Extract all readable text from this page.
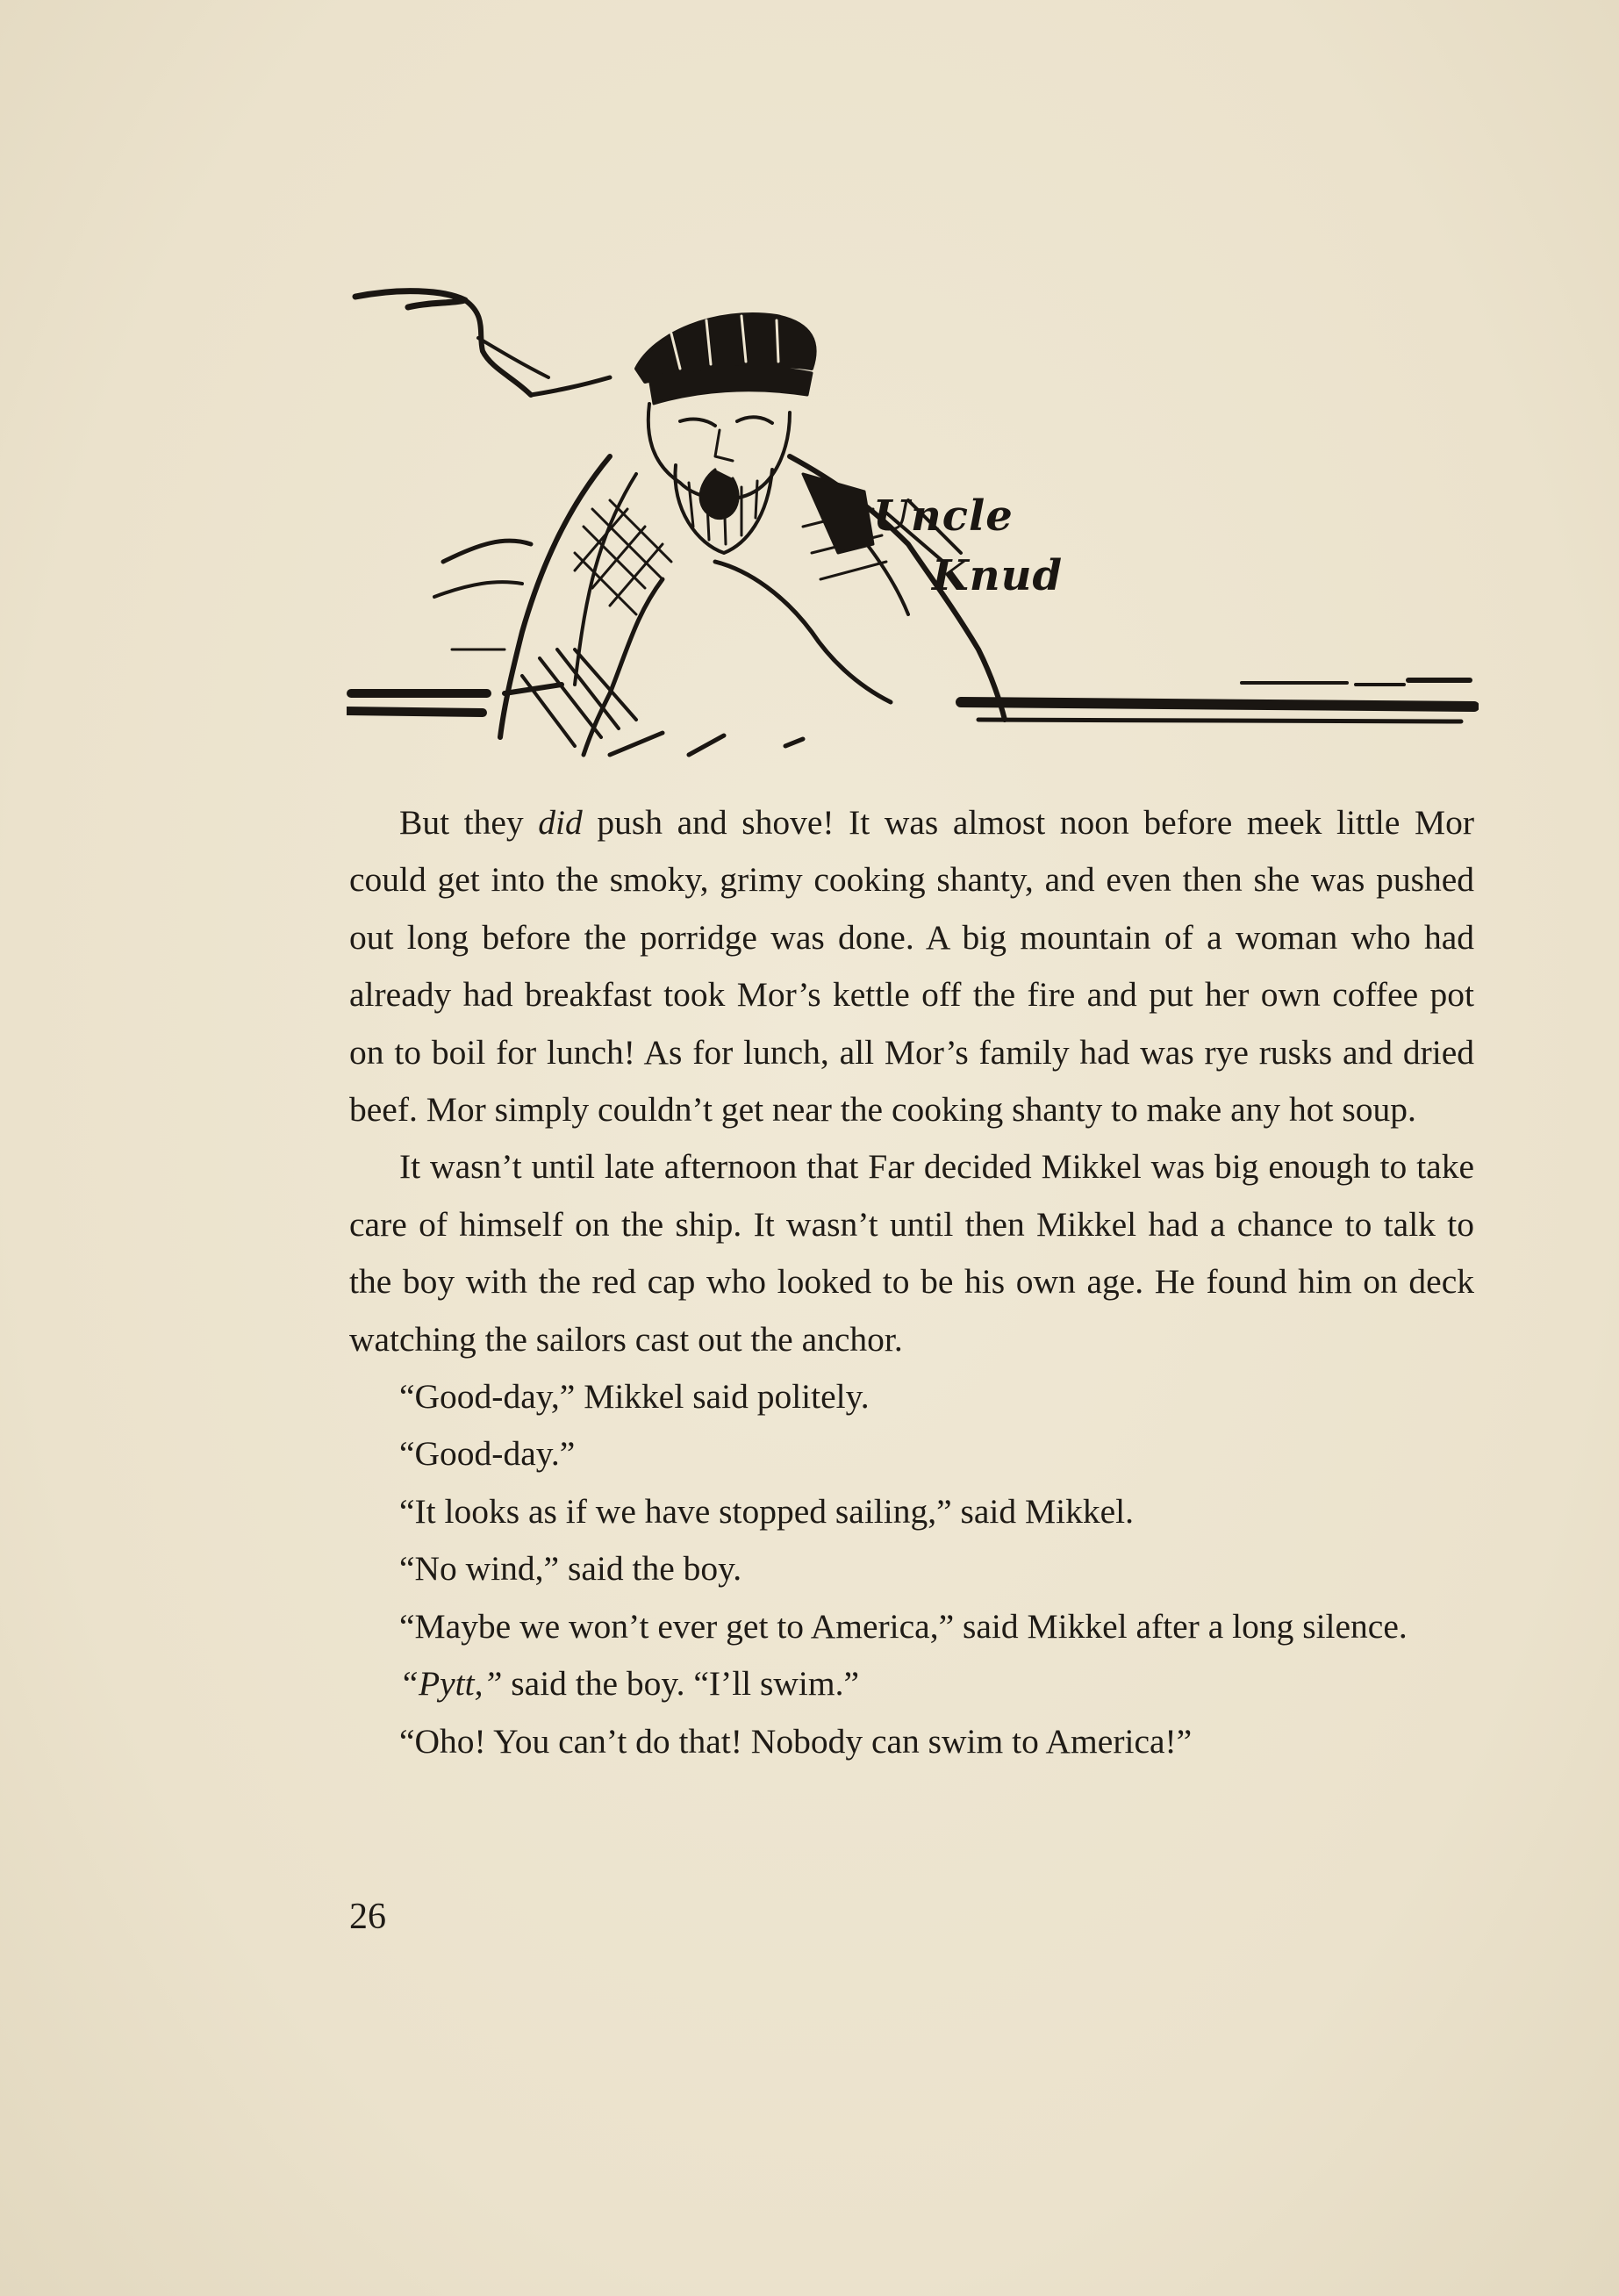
Uncle
Knud

But they did push and shove! It was almost noon before meek little Mor could get into the smoky, grimy cooking shanty, and even then she was pushed out long before the porridge was done. A big mountain of a woman who had already had breakfast took Mor’s kettle off the fire and put her own coffee pot on to boil for lunch! As for lunch, all Mor’s family had was rye rusks and dried beef. Mor simply couldn’t get near the cooking shanty to make any hot soup.

It wasn’t until late afternoon that Far decided Mikkel was big enough to take care of himself on the ship. It wasn’t until then Mikkel had a chance to talk to the boy with the red cap who looked to be his own age. He found him on deck watching the sailors cast out the anchor.

“Good-day,” Mikkel said politely.

“Good-day.”

“It looks as if we have stopped sailing,” said Mikkel.

“No wind,” said the boy.

“Maybe we won’t ever get to America,” said Mikkel after a long silence.

“Pytt,” said the boy. “I’ll swim.”

“Oho! You can’t do that! Nobody can swim to America!”

26
